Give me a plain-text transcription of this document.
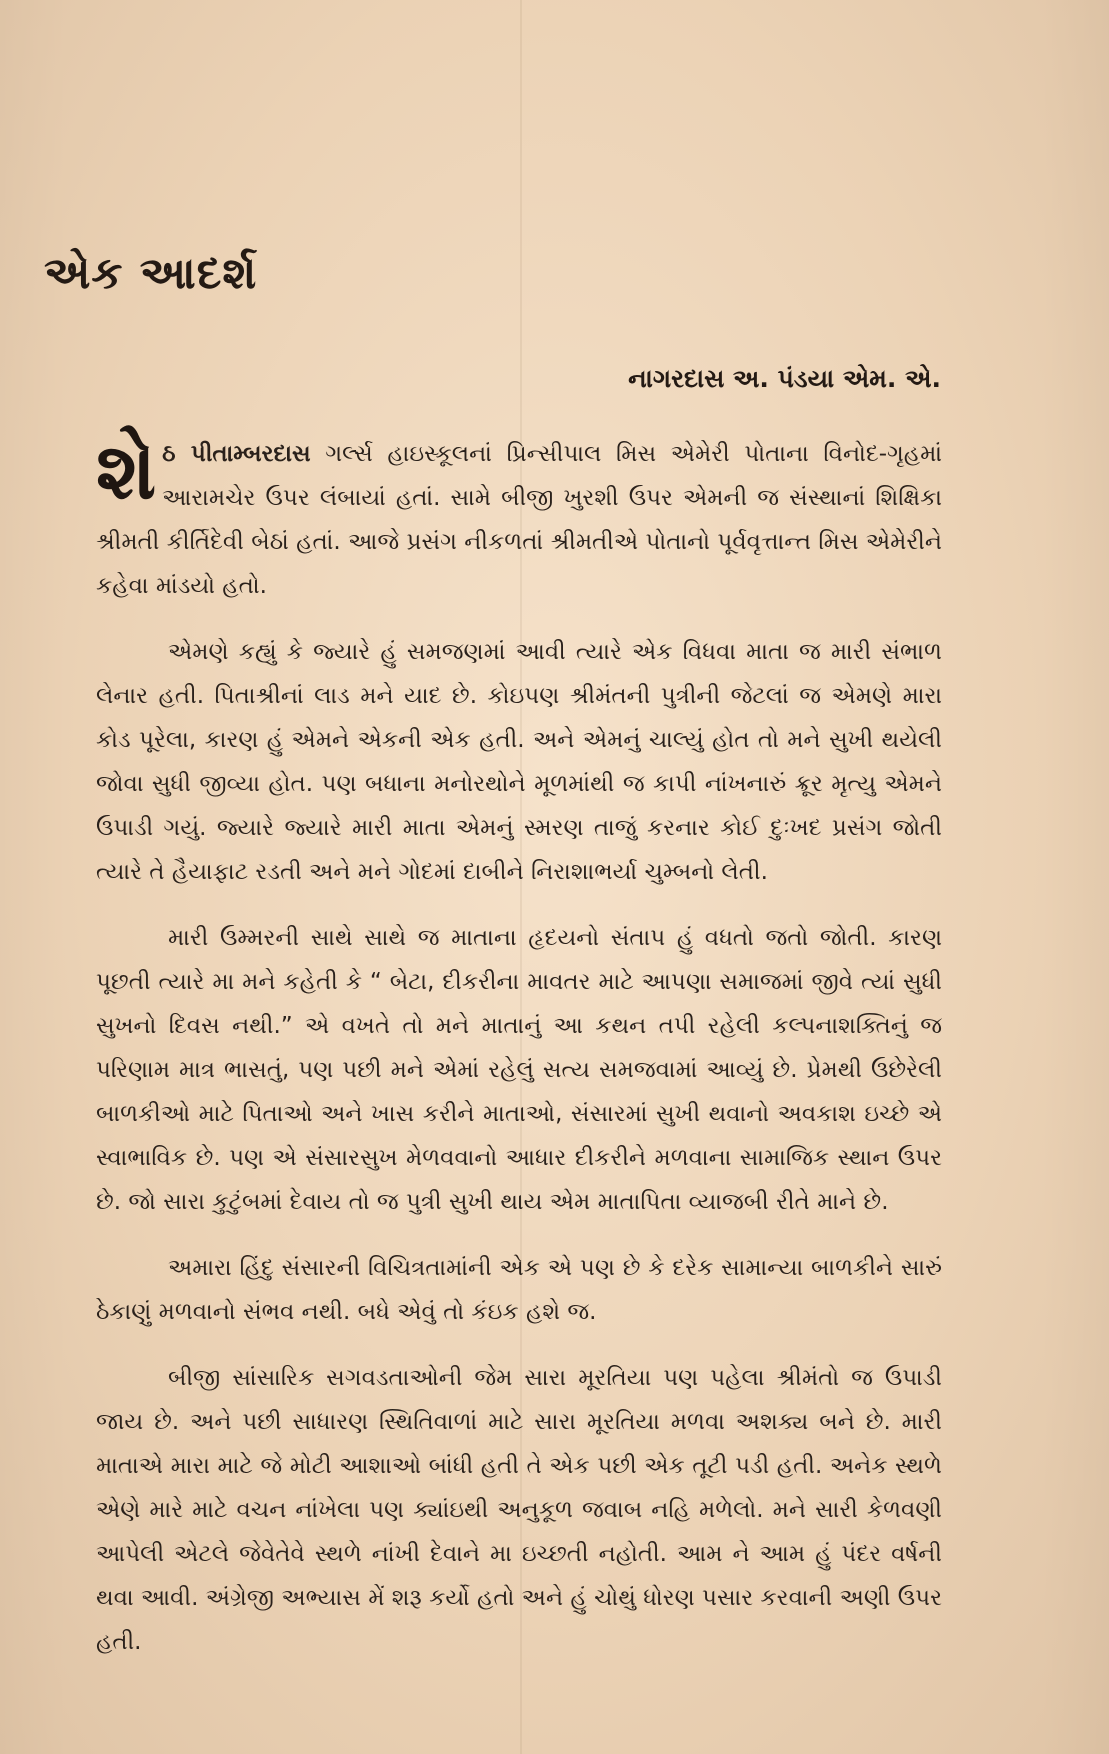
એક આદર્શ
નાગરદાસ અ. પંડયા એમ. એ.

શેઠ પીતામ્બરદાસ ગર્લ્સ હાઇસ્કૂલનાં પ્રિન્સીપાલ મિસ એમેરી પોતાના વિનોદ-ગૃહમાં આરામચેર ઉપર લંબાયાં હતાં. સામે બીજી ખુરશી ઉપર એમની જ સંસ્થાનાં શિક્ષિકા શ્રીમતી કીર્તિદેવી બેઠાં હતાં. આજે પ્રસંગ નીકળતાં શ્રીમતીએ પોતાનો પૂર્વવૃત્તાન્ત મિસ એમેરીને કહેવા માંડયો હતો.

એમણે કહ્યું કે જ્યારે હું સમજણમાં આવી ત્યારે એક વિધવા માતા જ મારી સંભાળ લેનાર હતી. પિતાશ્રીનાં લાડ મને યાદ છે. કોઇપણ શ્રીમંતની પુત્રીની જેટલાં જ એમણે મારા કોડ પૂરેલા, કારણ હું એમને એકની એક હતી. અને એમનું ચાલ્યું હોત તો મને સુખી થયેલી જોવા સુધી જીવ્યા હોત. પણ બધાના મનોરથોને મૂળમાંથી જ કાપી નાંખનારું ક્રૂર મૃત્યુ એમને ઉપાડી ગયું. જ્યારે જ્યારે મારી માતા એમનું સ્મરણ તાજું કરનાર કોઈ દુઃખદ પ્રસંગ જોતી ત્યારે તે હૈયાફાટ રડતી અને મને ગોદમાં દાબીને નિરાશાભર્યા ચુમ્બનો લેતી.

મારી ઉમ્મરની સાથે સાથે જ માતાના હૃદયનો સંતાપ હું વધતો જતો જોતી. કારણ પૂછતી ત્યારે મા મને કહેતી કે “ બેટા, દીકરીના માવતર માટે આપણા સમાજમાં જીવે ત્યાં સુધી સુખનો દિવસ નથી.” એ વખતે તો મને માતાનું આ કથન તપી રહેલી કલ્પનાશક્તિનું જ પરિણામ માત્ર ભાસતું, પણ પછી મને એમાં રહેલું સત્ય સમજવામાં આવ્યું છે. પ્રેમથી ઉછેરેલી બાળકીઓ માટે પિતાઓ અને ખાસ કરીને માતાઓ, સંસારમાં સુખી થવાનો અવકાશ ઇચ્છે એ સ્વાભાવિક છે. પણ એ સંસારસુખ મેળવવાનો આધાર દીકરીને મળવાના સામાજિક સ્થાન ઉપર છે. જો સારા કુટુંબમાં દેવાય તો જ પુત્રી સુખી થાય એમ માતાપિતા વ્યાજબી રીતે માને છે.

અમારા હિંદુ સંસારની વિચિત્રતામાંની એક એ પણ છે કે દરેક સામાન્યા બાળકીને સારું ઠેકાણું મળવાનો સંભવ નથી. બધે એવું તો કંઇક હશે જ.

બીજી સાંસારિક સગવડતાઓની જેમ સારા મૂરતિયા પણ પહેલા શ્રીમંતો જ ઉપાડી જાય છે. અને પછી સાધારણ સ્થિતિવાળાં માટે સારા મૂરતિયા મળવા અશક્ય બને છે. મારી માતાએ મારા માટે જે મોટી આશાઓ બાંધી હતી તે એક પછી એક તૂટી પડી હતી. અનેક સ્થળે એણે મારે માટે વચન નાંખેલા પણ ક્યાંઇથી અનુકૂળ જવાબ નહિ મળેલો. મને સારી કેળવણી આપેલી એટલે જેવેતેવે સ્થળે નાંખી દેવાને મા ઇચ્છતી નહોતી. આમ ને આમ હું પંદર વર્ષની થવા આવી. અંગ્રેજી અભ્યાસ મેં શરૂ કર્યો હતો અને હું ચોથું ધોરણ પસાર કરવાની અણી ઉપર હતી.
